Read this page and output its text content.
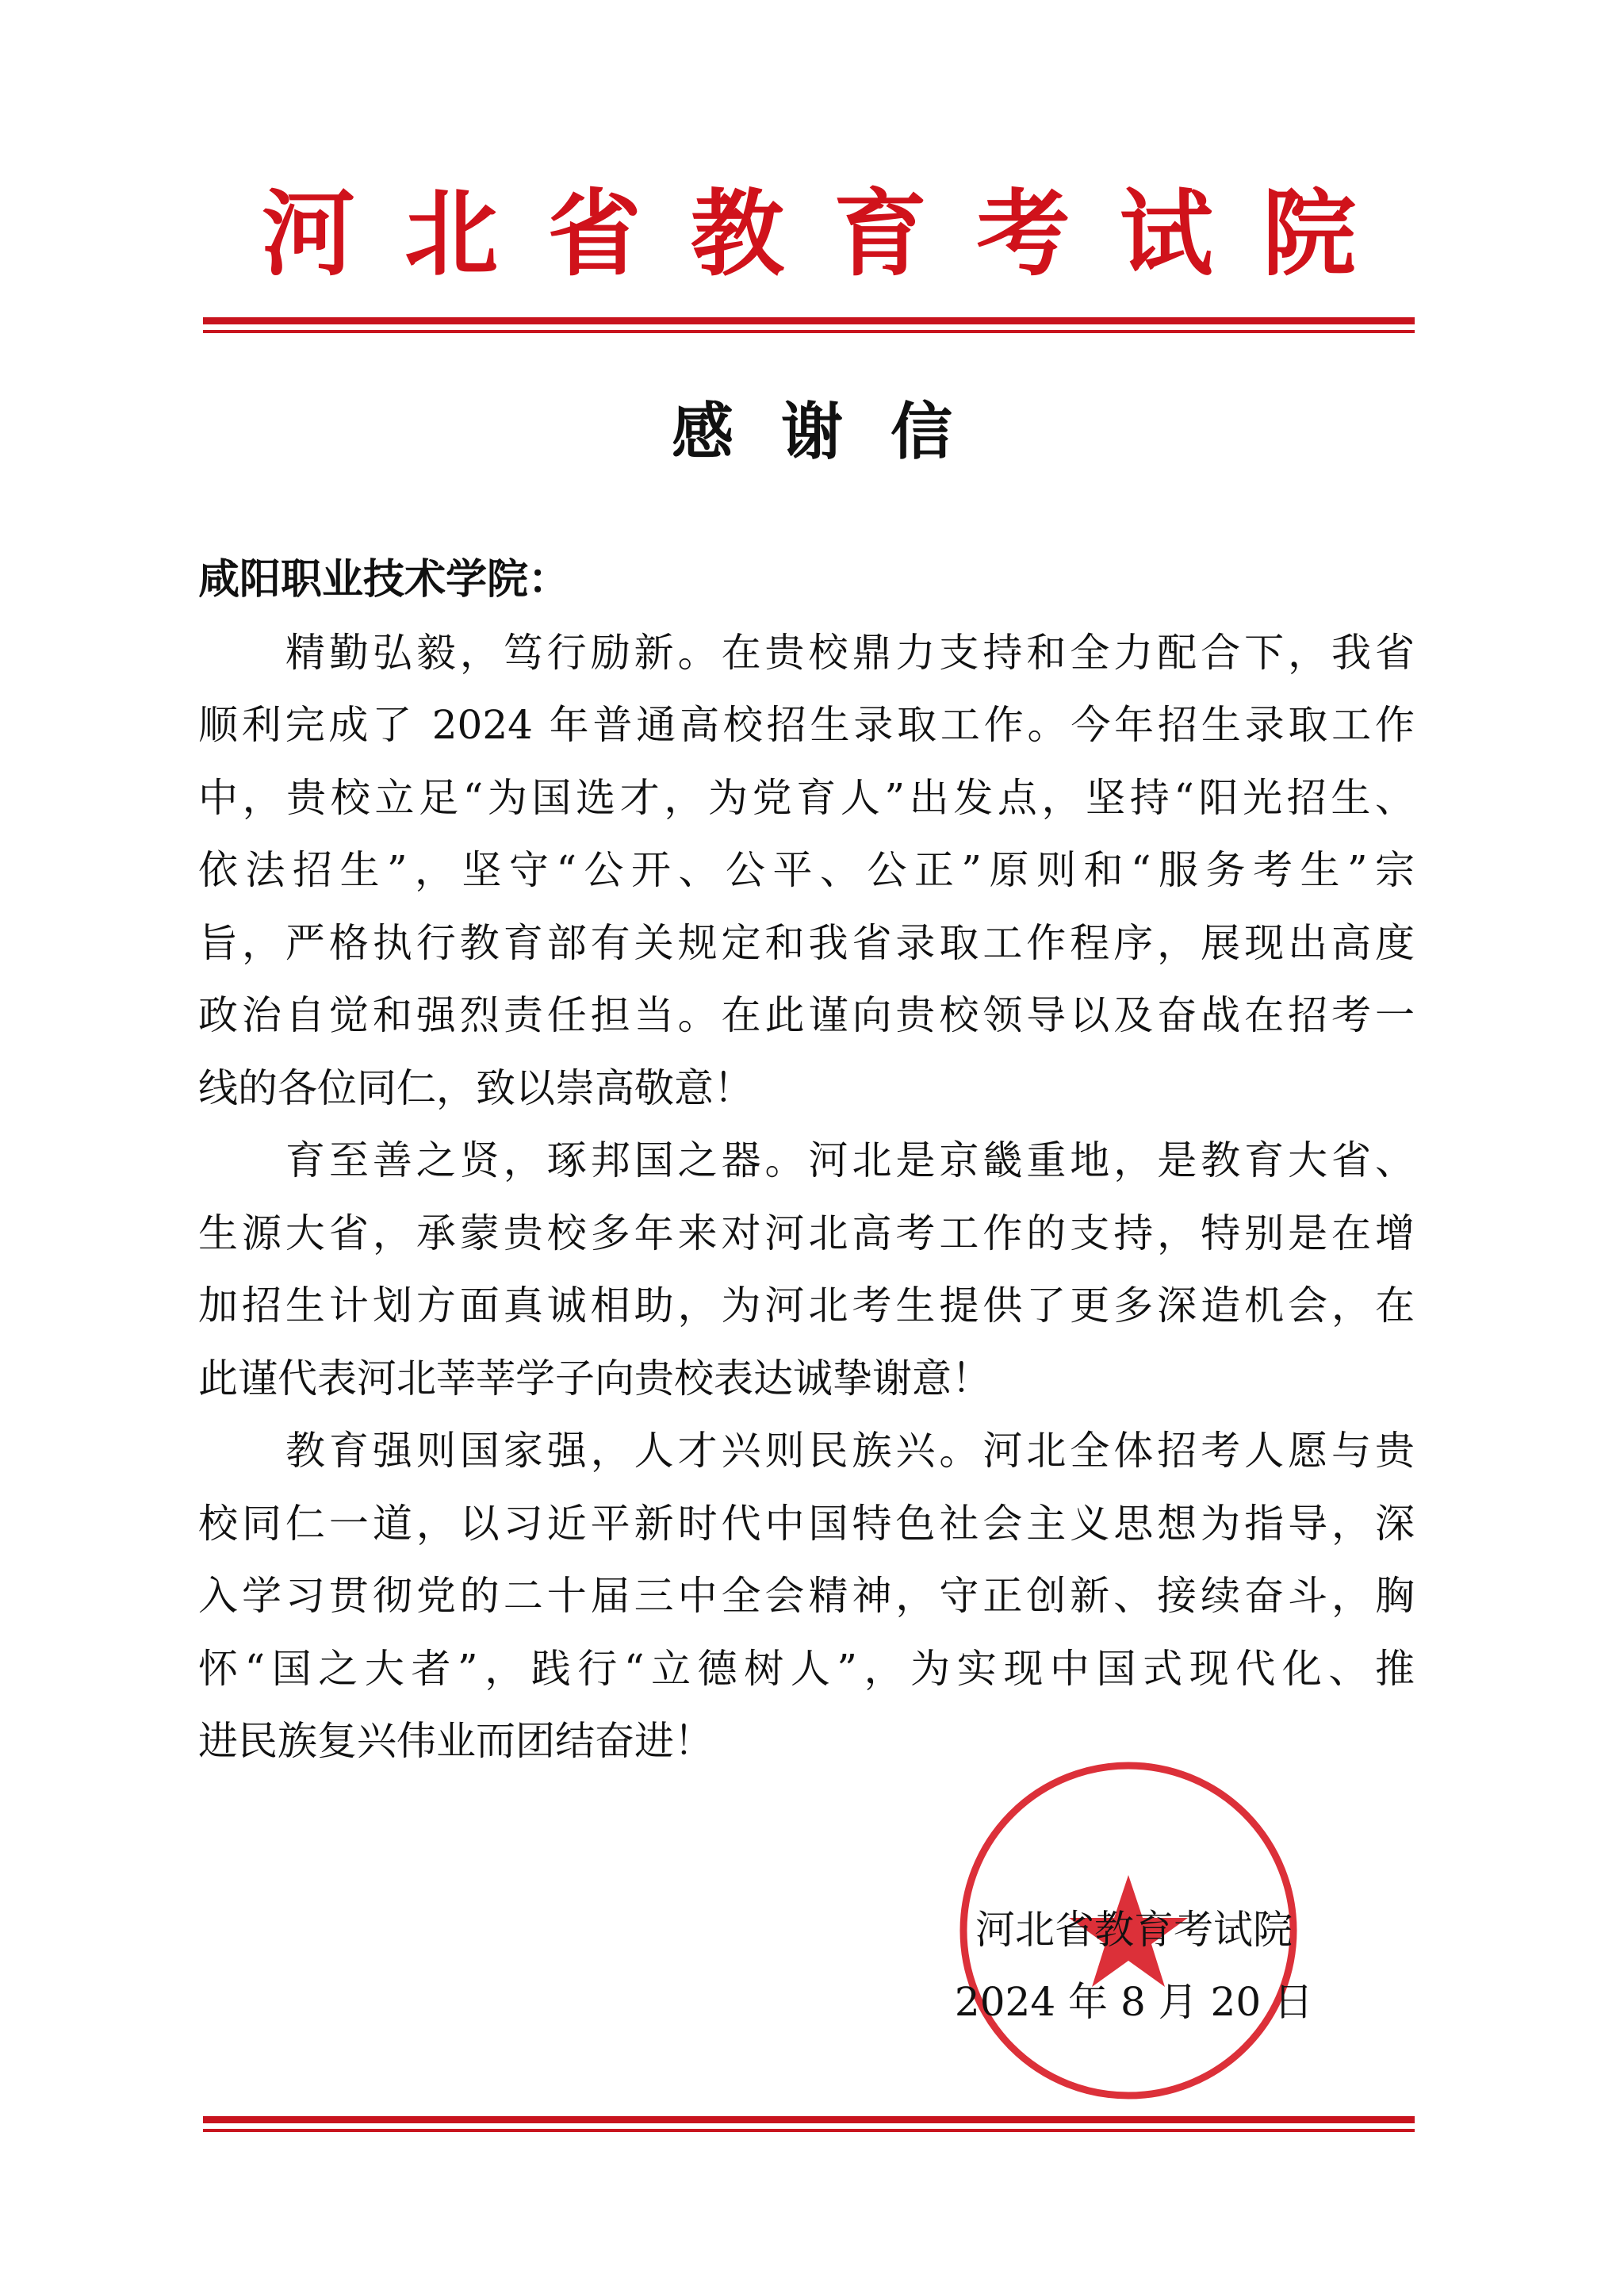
河 北 省 教 育 考 试 院
感谢信
咸阳职业技术学院：
精勤弘毅，笃行励新。在贵校鼎力支持和全力配合下，我省
顺利完成了 2024 年普通高校招生录取工作。今年招生录取工作
中，贵校立足“为国选才，为党育人”出发点，坚持“阳光招生、
依法招生”，坚守“公开、公平、公正”原则和“服务考生”宗
旨，严格执行教育部有关规定和我省录取工作程序，展现出高度
政治自觉和强烈责任担当。在此谨向贵校领导以及奋战在招考一
线的各位同仁，致以崇高敬意！
育至善之贤，琢邦国之器。河北是京畿重地，是教育大省、
生源大省，承蒙贵校多年来对河北高考工作的支持，特别是在增
加招生计划方面真诚相助，为河北考生提供了更多深造机会，在
此谨代表河北莘莘学子向贵校表达诚挚谢意！
教育强则国家强，人才兴则民族兴。河北全体招考人愿与贵
校同仁一道，以习近平新时代中国特色社会主义思想为指导，深
入学习贯彻党的二十届三中全会精神，守正创新、接续奋斗，胸
怀“国之大者”，践行“立德树人”，为实现中国式现代化、推
进民族复兴伟业而团结奋进！
河北省教育考试院
2024 年 8 月 20 日
